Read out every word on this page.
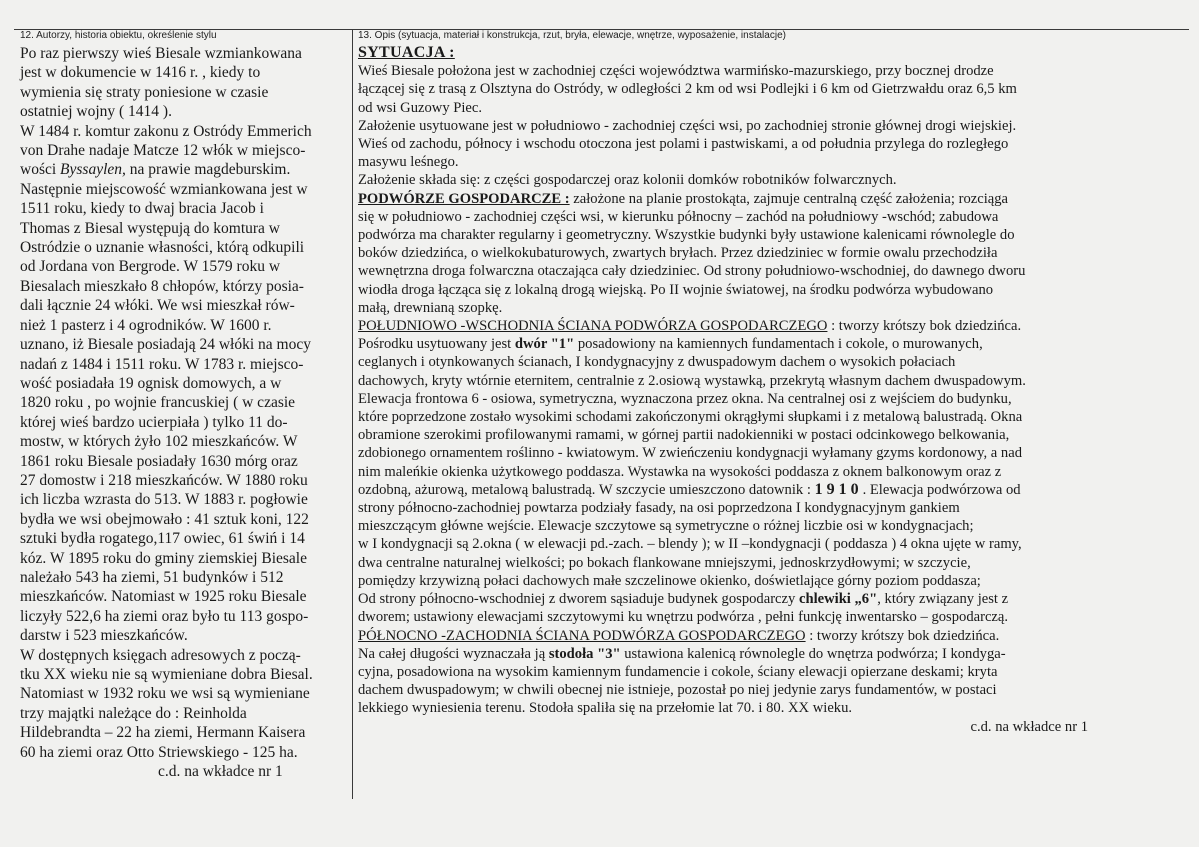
12. Autorzy, historia obiektu, określenie stylu	13. Opis (sytuacja, materiał i konstrukcja, rzut, bryła, elewacje, wnętrze, wyposażenie, instalacje)
Po raz pierwszy wieś Biesale wzmiankowana
jest w dokumencie w 1416 r. , kiedy to
wymienia się straty poniesione w czasie
ostatniej wojny ( 1414 ).
W 1484 r. komtur zakonu z Ostródy Emmerich
von Drahe nadaje Matcze 12 włók w miejsco-
wości Byssaylen, na prawie magdeburskim.
Następnie miejscowość wzmiankowana jest w
1511 roku, kiedy to dwaj bracia Jacob i
Thomas z Biesal występują do komtura w
Ostródzie o uznanie własności, którą odkupili
od Jordana von Bergrode. W 1579 roku w
Biesalach mieszkało 8 chłopów, którzy posia-
dali łącznie 24 włóki. We wsi mieszkał rów-
nież 1 pasterz i 4 ogrodników. W 1600 r.
uznano, iż Biesale posiadają 24 włóki na mocy
nadań z 1484 i 1511 roku. W 1783 r. miejsco-
wość posiadała 19 ognisk domowych, a w
1820 roku , po wojnie francuskiej ( w czasie
której wieś bardzo ucierpiała ) tylko 11 do-
mostw, w których żyło 102 mieszkańców. W
1861 roku Biesale posiadały 1630 mórg oraz
27 domostw i 218 mieszkańców. W 1880 roku
ich liczba wzrasta do 513. W 1883 r. pogłowie
bydła we wsi obejmowało : 41 sztuk koni, 122
sztuki bydła rogatego,117 owiec, 61 świń i 14
kóz. W 1895 roku do gminy ziemskiej Biesale
należało 543 ha ziemi, 51 budynków i 512
mieszkańców. Natomiast w 1925 roku Biesale
liczyły 522,6 ha ziemi oraz było tu 113 gospo-
darstw i 523 mieszkańców.
W dostępnych księgach adresowych z począ-
tku XX wieku nie są wymieniane dobra Biesal.
Natomiast w 1932 roku we wsi są wymieniane
trzy majątki należące do : Reinholda
Hildebrandta – 22 ha ziemi, Hermann Kaisera
60 ha ziemi oraz Otto Striewskiego - 125 ha.
c.d. na wkładce nr 1
SYTUACJA :
Wieś Biesale położona jest w zachodniej części województwa warmińsko-mazurskiego, przy bocznej drodze
łączącej się z trasą z Olsztyna do Ostródy, w odległości 2 km od wsi Podlejki i 6 km od Gietrzwałdu oraz 6,5 km
od wsi Guzowy Piec.
Założenie usytuowane jest w południowo - zachodniej części wsi, po zachodniej stronie głównej drogi wiejskiej.
Wieś od zachodu, północy i wschodu otoczona jest polami i pastwiskami, a od południa przylega do rozległego
masywu leśnego.
Założenie składa się: z części gospodarczej oraz kolonii domków robotników folwarcznych.
PODWÓRZE GOSPODARCZE : założone na planie prostokąta, zajmuje centralną część założenia; rozciąga
się w południowo - zachodniej części wsi, w kierunku północny – zachód na południowy -wschód; zabudowa
podwórza ma charakter regularny i geometryczny. Wszystkie budynki były ustawione kalenicami równolegle do
boków dziedzińca, o wielkokubaturowych, zwartych bryłach. Przez dziedziniec w formie owalu przechodziła
wewnętrzna droga folwarczna otaczająca cały dziedziniec. Od strony południowo-wschodniej, do dawnego dworu
wiodła droga łącząca się z lokalną drogą wiejską. Po II wojnie światowej, na środku podwórza wybudowano
małą, drewnianą szopkę.
POŁUDNIOWO -WSCHODNIA ŚCIANA PODWÓRZA GOSPODARCZEGO : tworzy krótszy bok dziedzińca.
Pośrodku usytuowany jest dwór "1" posadowiony na kamiennych fundamentach i cokole, o murowanych,
ceglanych i otynkowanych ścianach, I kondygnacyjny z dwuspadowym dachem o wysokich połaciach
dachowych, kryty wtórnie eternitem, centralnie z 2.osiową wystawką, przekrytą własnym dachem dwuspadowym.
Elewacja frontowa 6 - osiowa, symetryczna, wyznaczona przez okna. Na centralnej osi z wejściem do budynku,
które poprzedzone zostało wysokimi schodami zakończonymi okrągłymi słupkami i z metalową balustradą. Okna
obramione szerokimi profilowanymi ramami, w górnej partii nadokienniki w postaci odcinkowego belkowania,
zdobionego ornamentem roślinno - kwiatowym. W zwieńczeniu kondygnacji wyłamany gzyms kordonowy, a nad
nim maleńkie okienka użytkowego poddasza. Wystawka na wysokości poddasza z oknem balkonowym oraz z
ozdobną, ażurową, metalową balustradą. W szczycie umieszczono datownik : 1910. Elewacja podwórzowa od
strony północno-zachodniej powtarza podziały fasady, na osi poprzedzona I kondygnacyjnym gankiem
mieszczącym główne wejście. Elewacje szczytowe są symetryczne o różnej liczbie osi w kondygnacjach;
w I kondygnacji są 2.okna ( w elewacji pd.-zach. – blendy ); w II –kondygnacji ( poddasza ) 4 okna ujęte w ramy,
dwa centralne naturalnej wielkości; po bokach flankowane mniejszymi, jednoskrzydłowymi; w szczycie,
pomiędzy krzywizną połaci dachowych małe szczelinowe okienko, doświetlające górny poziom poddasza;
Od strony północno-wschodniej z dworem sąsiaduje budynek gospodarczy chlewiki „6", który związany jest z
dworem; ustawiony elewacjami szczytowymi ku wnętrzu podwórza , pełni funkcję inwentarsko – gospodarczą.
PÓŁNOCNO -ZACHODNIA ŚCIANA PODWÓRZA GOSPODARCZEGO : tworzy krótszy bok dziedzińca.
Na całej długości wyznaczała ją stodoła "3" ustawiona kalenicą równolegle do wnętrza podwórza; I kondyga-
cyjna, posadowiona na wysokim kamiennym fundamencie i cokole, ściany elewacji opierzane deskami; kryta
dachem dwuspadowym; w chwili obecnej nie istnieje, pozostał po niej jedynie zarys fundamentów, w postaci
lekkiego wyniesienia terenu. Stodoła spaliła się na przełomie lat 70. i 80. XX wieku.
c.d. na wkładce nr 1
